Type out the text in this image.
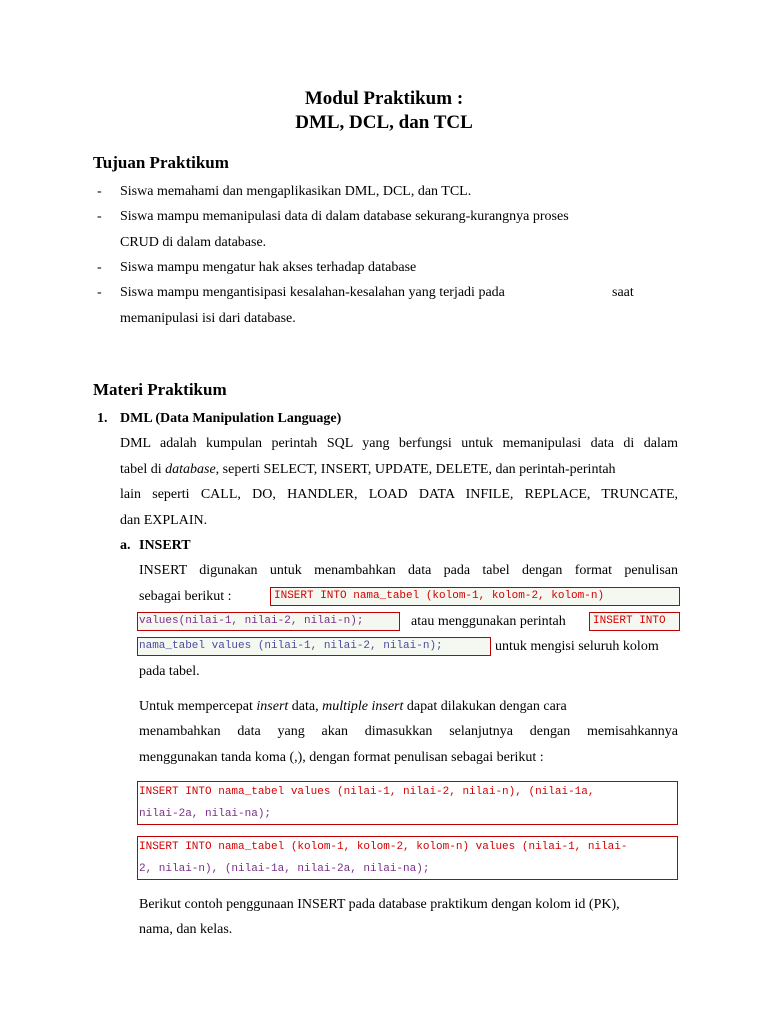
Modul Praktikum :
DML, DCL, dan TCL
Tujuan Praktikum
- Siswa memahami dan mengaplikasikan DML, DCL, dan TCL.
- Siswa mampu memanipulasi data di dalam database sekurang-kurangnya proses
CRUD di dalam database.
- Siswa mampu mengatur hak akses terhadap database
- Siswa mampu mengantisipasi kesalahan-kesalahan yang terjadi pada	saat
memanipulasi isi dari database.
Materi Praktikum
1. DML (Data Manipulation Language)
DML adalah kumpulan perintah SQL yang berfungsi untuk memanipulasi data di dalam
tabel di database, seperti SELECT, INSERT, UPDATE, DELETE, dan perintah-perintah
lain seperti CALL, DO, HANDLER, LOAD DATA INFILE, REPLACE, TRUNCATE,
dan EXPLAIN.
a. INSERT
INSERT digunakan untuk menambahkan data pada tabel dengan format penulisan
sebagai berikut :	INSERT INTO nama_tabel (kolom-1, kolom-2, kolom-n)
values(nilai-1, nilai-2, nilai-n);	atau menggunakan perintah INSERT INTO
nama_tabel values (nilai-1, nilai-2, nilai-n);	untuk mengisi seluruh kolom
pada tabel.
Untuk mempercepat insert data, multiple insert dapat dilakukan dengan cara
menambahkan data yang akan dimasukkan selanjutnya dengan memisahkannya
menggunakan tanda koma (,), dengan format penulisan sebagai berikut :
INSERT INTO nama_tabel values (nilai-1, nilai-2, nilai-n), (nilai-1a,
nilai-2a, nilai-na);
INSERT INTO nama_tabel (kolom-1, kolom-2, kolom-n) values (nilai-1, nilai-
2, nilai-n), (nilai-1a, nilai-2a, nilai-na);
Berikut contoh penggunaan INSERT pada database praktikum dengan kolom id (PK),
nama, dan kelas.
